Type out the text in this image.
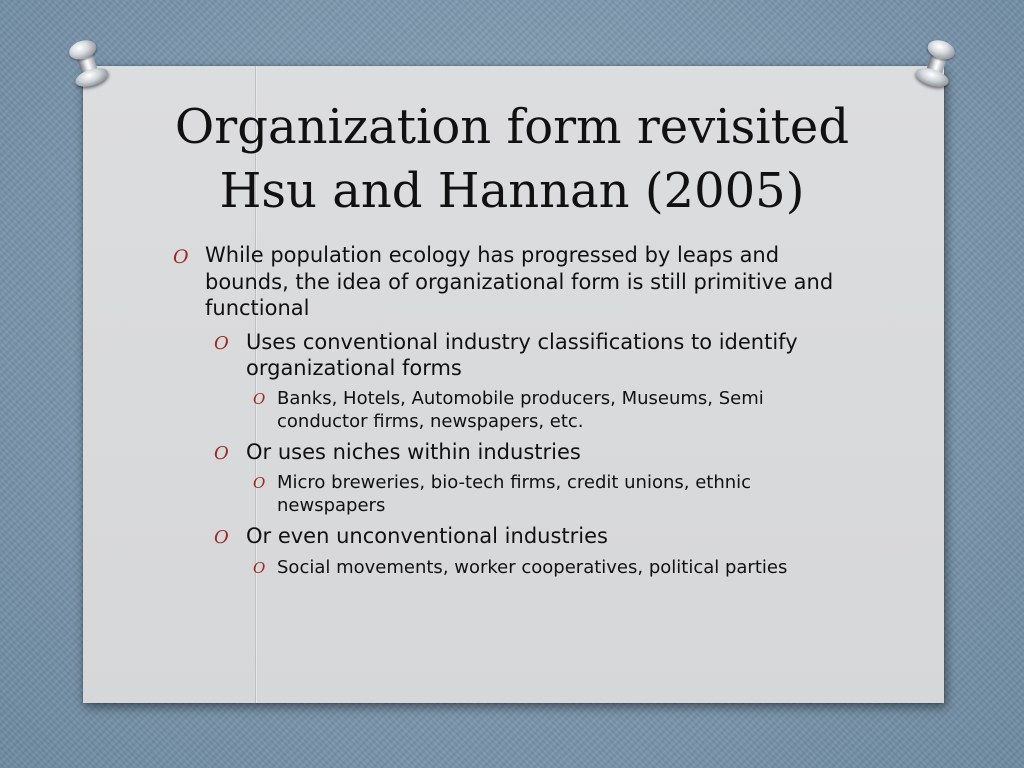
Organization form revisited
Hsu and Hannan (2005)
O While population ecology has progressed by leaps and bounds, the idea of organizational form is still primitive and functional
O Uses conventional industry classifications to identify organizational forms
O Banks, Hotels, Automobile producers, Museums, Semi conductor firms, newspapers, etc.
O Or uses niches within industries
O Micro breweries, bio-tech firms, credit unions, ethnic newspapers
O Or even unconventional industries
O Social movements, worker cooperatives, political parties
